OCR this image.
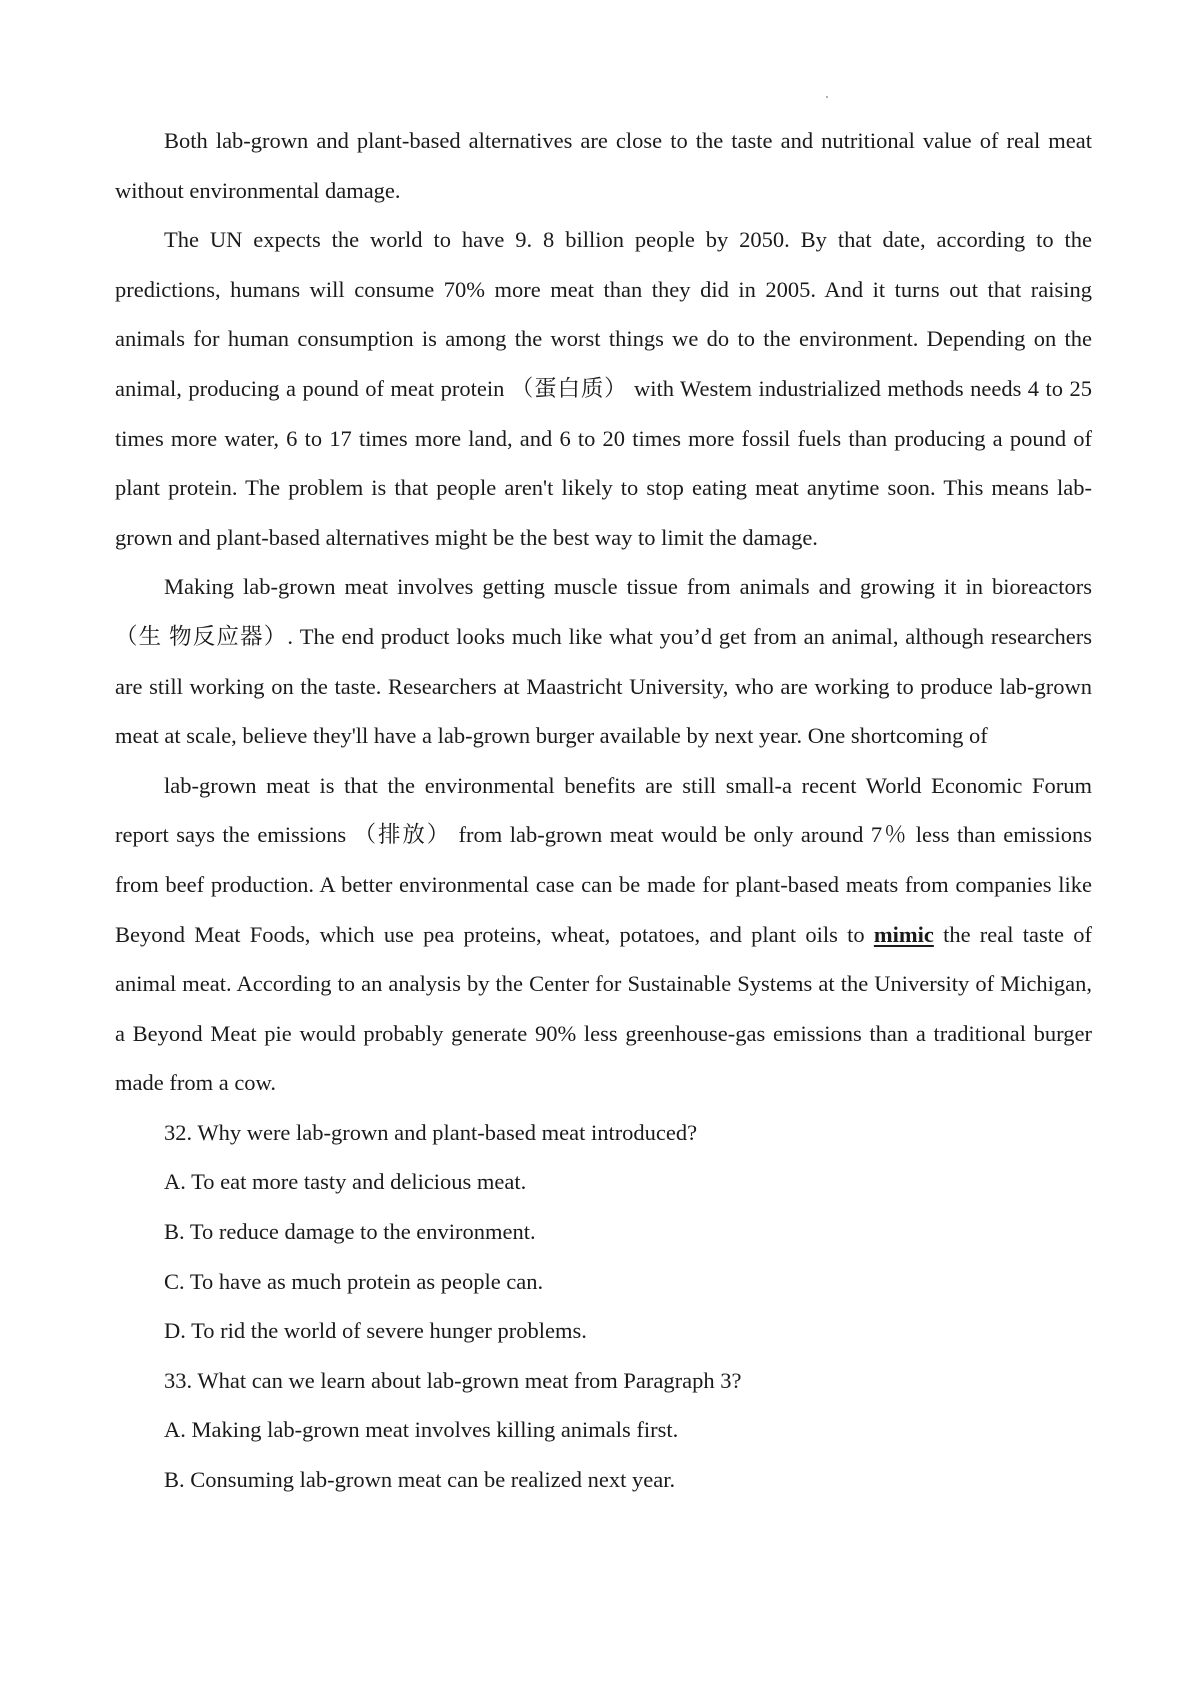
Both lab-grown and plant-based alternatives are close to the taste and nutritional value of real meat without environmental damage.

The UN expects the world to have 9. 8 billion people by 2050. By that date, according to the predictions, humans will consume 70% more meat than they did in 2005. And it turns out that raising animals for human consumption is among the worst things we do to the environment. Depending on the animal, producing a pound of meat protein （蛋白质） with Westem industrialized methods needs 4 to 25 times more water, 6 to 17 times more land, and 6 to 20 times more fossil fuels than producing a pound of plant protein. The problem is that people aren't likely to stop eating meat anytime soon. This means lab-grown and plant-based alternatives might be the best way to limit the damage.

Making lab-grown meat involves getting muscle tissue from animals and growing it in bioreactors （生 物反应器）. The end product looks much like what you’d get from an animal, although researchers are still working on the taste. Researchers at Maastricht University, who are working to produce lab-grown meat at scale, believe they'll have a lab-grown burger available by next year. One shortcoming of

lab-grown meat is that the environmental benefits are still small-a recent World Economic Forum report says the emissions （排放） from lab-grown meat would be only around 7％ less than emissions from beef production. A better environmental case can be made for plant-based meats from companies like Beyond Meat Foods, which use pea proteins, wheat, potatoes, and plant oils to mimic the real taste of animal meat. According to an analysis by the Center for Sustainable Systems at the University of Michigan, a Beyond Meat pie would probably generate 90% less greenhouse-gas emissions than a traditional burger made from a cow.

32. Why were lab-grown and plant-based meat introduced?

A. To eat more tasty and delicious meat.

B. To reduce damage to the environment.

C. To have as much protein as people can.

D. To rid the world of severe hunger problems.

33. What can we learn about lab-grown meat from Paragraph 3?

A. Making lab-grown meat involves killing animals first.

B. Consuming lab-grown meat can be realized next year.
